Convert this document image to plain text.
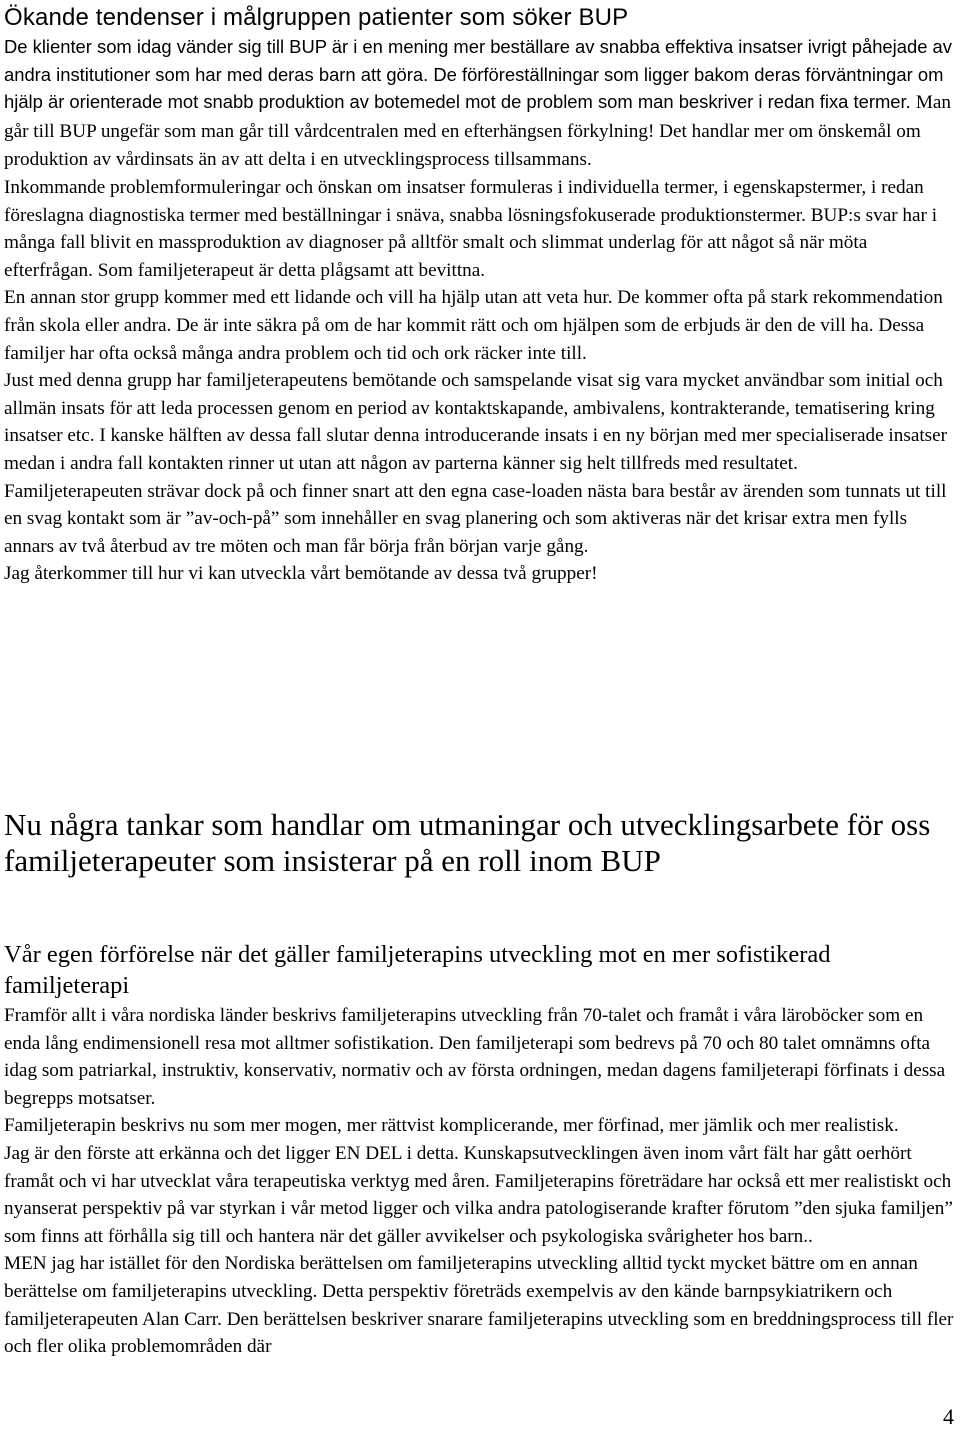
Ökande tendenser i målgruppen patienter som söker BUP

De klienter som idag vänder sig till BUP är i en mening mer beställare av snabba effektiva insatser ivrigt påhejade av andra institutioner som har med deras barn att göra. De förföreställningar som ligger bakom deras förväntningar om hjälp är orienterade mot snabb produktion av botemedel mot de problem som man beskriver i redan fixa termer. Man går till BUP ungefär som man går till vårdcentralen med en efterhängsen förkylning! Det handlar mer om önskemål om produktion av vårdinsats än av att delta i en utvecklingsprocess tillsammans.

Inkommande problemformuleringar och önskan om insatser formuleras i individuella termer, i egenskapstermer, i redan föreslagna diagnostiska termer med beställningar i snäva, snabba lösningsfokuserade produktionstermer. BUP:s svar har i många fall blivit en massproduktion av diagnoser på alltför smalt och slimmat underlag för att något så när möta efterfrågan. Som familjeterapeut är detta plågsamt att bevittna.

En annan stor grupp kommer med ett lidande och vill ha hjälp utan att veta hur. De kommer ofta på stark rekommendation från skola eller andra. De är inte säkra på om de har kommit rätt och om hjälpen som de erbjuds är den de vill ha. Dessa familjer har ofta också många andra problem och tid och ork räcker inte till.

Just med denna grupp har familjeterapeutens bemötande och samspelande visat sig vara mycket användbar som initial och allmän insats för att leda processen genom en period av kontaktskapande, ambivalens, kontrakterande, tematisering kring insatser etc. I kanske hälften av dessa fall slutar denna introducerande insats i en ny början med mer specialiserade insatser medan i andra fall kontakten rinner ut utan att någon av parterna känner sig helt tillfreds med resultatet.

Familjeterapeuten strävar dock på och finner snart att den egna case-loaden nästa bara består av ärenden som tunnats ut till en svag kontakt som är ”av-och-på” som innehåller en svag planering och som aktiveras när det krisar extra men fylls annars av två återbud av tre möten och man får börja från början varje gång.

Jag återkommer till hur vi kan utveckla vårt bemötande av dessa två grupper!

Nu några tankar som handlar om utmaningar och utvecklingsarbete för oss familjeterapeuter som insisterar på en roll inom BUP
Vår egen förförelse när det gäller familjeterapins utveckling mot en mer sofistikerad familjeterapi

Framför allt i våra nordiska länder beskrivs familjeterapins utveckling från 70-talet och framåt i våra läroböcker som en enda lång endimensionell resa mot alltmer sofistikation. Den familjeterapi som bedrevs på 70 och 80 talet omnämns ofta idag som patriarkal, instruktiv, konservativ, normativ och av första ordningen, medan dagens familjeterapi förfinats i dessa begrepps motsatser.

Familjeterapin beskrivs nu som mer mogen, mer rättvist komplicerande, mer förfinad, mer jämlik och mer realistisk.

Jag är den förste att erkänna och det ligger EN DEL i detta. Kunskapsutvecklingen även inom vårt fält har gått oerhört framåt och vi har utvecklat våra terapeutiska verktyg med åren. Familjeterapins företrädare har också ett mer realistiskt och nyanserat perspektiv på var styrkan i vår metod ligger och vilka andra patologiserande krafter förutom ”den sjuka familjen” som finns att förhålla sig till och hantera när det gäller avvikelser och psykologiska svårigheter hos barn..

MEN jag har istället för den Nordiska berättelsen om familjeterapins utveckling alltid tyckt mycket bättre om en annan berättelse om familjeterapins utveckling. Detta perspektiv företräds exempelvis av den kände barnpsykiatrikern och familjeterapeuten Alan Carr. Den berättelsen beskriver snarare familjeterapins utveckling som en breddningsprocess till fler och fler olika problemområden där

4
